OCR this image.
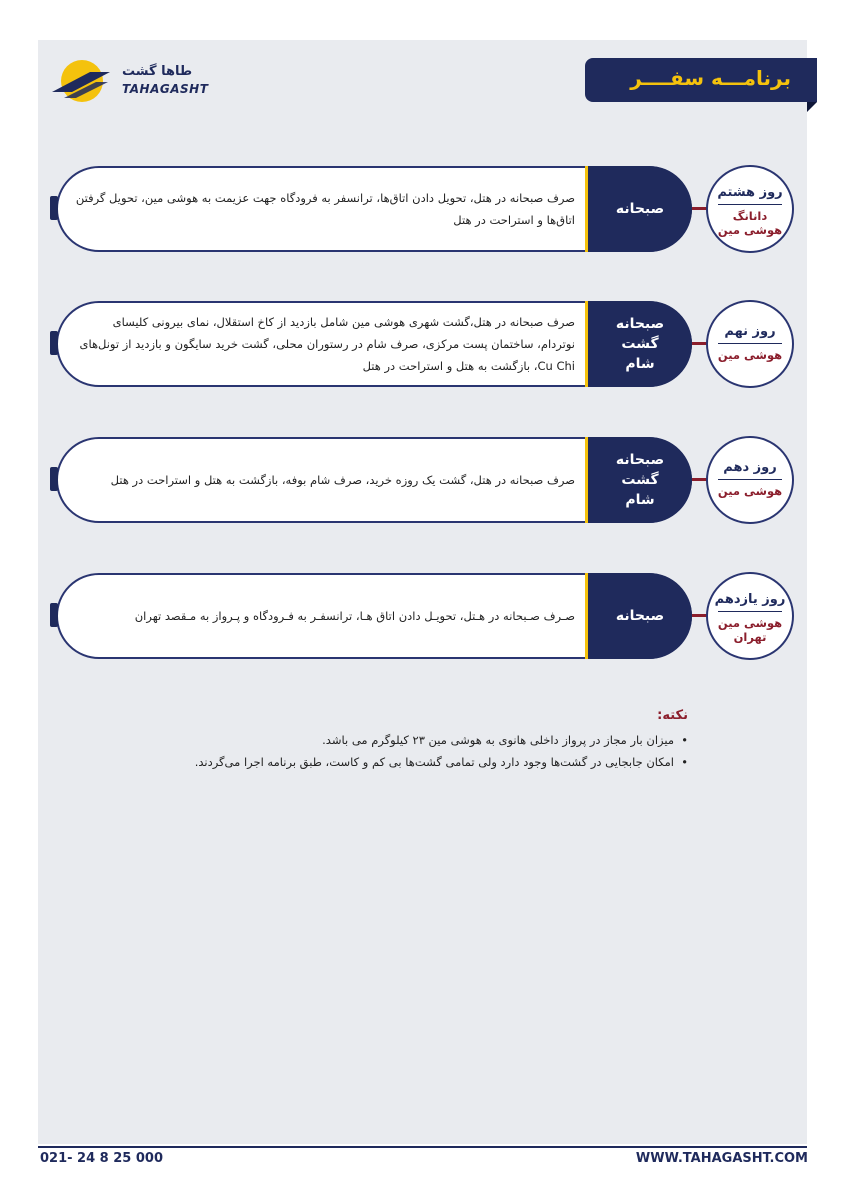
طاها گشت
TAHAGASHT	برنامـــه سفــــر
صرف صبحانه در هتل، تحویل دادن اتاق‌ها، ترانسفر به فرودگاه جهت عزیمت به هوشی مین، تحویل گرفتن اتاق‌ها و استراحت در هتل
صبحانه
روز هشتم
دانانگ
هوشی مین
صرف صبحانه در هتل،گشت شهری هوشی مین شامل بازدید از کاخ استقلال، نمای بیرونی کلیسای نوتردام، ساختمان پست مرکزی، صرف شام در رستوران محلی، گشت خرید سایگون و بازدید از تونل‌های Cu Chi، بازگشت به هتل و استراحت در هتل
صبحانه
گشت
شام
روز نهم
هوشی مین
صرف صبحانه در هتل، گشت یک روزه خرید، صرف شام بوفه، بازگشت به هتل و استراحت در هتل
صبحانه
گشت
شام
روز دهم
هوشی مین
صـرف صـبحانه در هـتل، تحویـل دادن اتاق هـا، ترانسفـر به فـرودگاه و پـرواز به مـقصد تهران	صبحانه
روز یازدهم
هوشی مین
تهران
نکته:
• میزان بار مجاز در پرواز داخلی هانوی به هوشی مین ۲۳ کیلوگرم می باشد.
• امکان جابجایی در گشت‌ها وجود دارد ولی تمامی گشت‌ها بی کم و کاست، طبق برنامه اجرا می‌گردند.
021- 24 8 25 000	WWW.TAHAGASHT.COM
